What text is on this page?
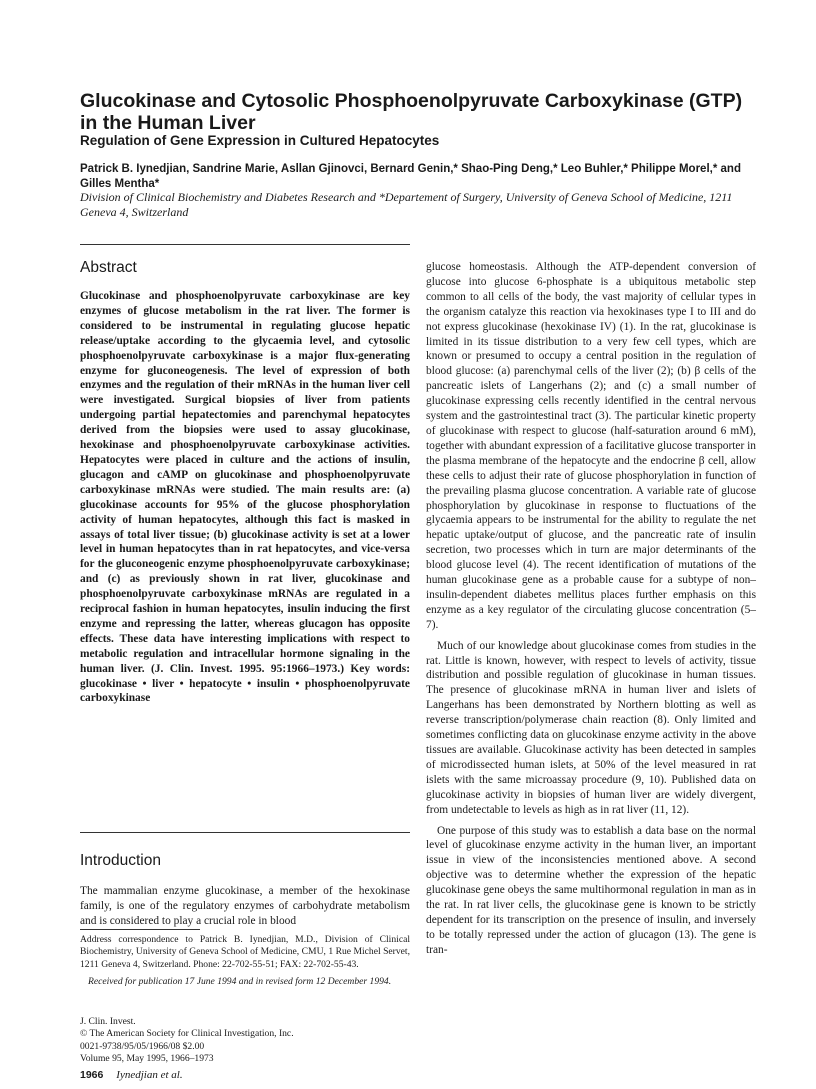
Glucokinase and Cytosolic Phosphoenolpyruvate Carboxykinase (GTP) in the Human Liver
Regulation of Gene Expression in Cultured Hepatocytes
Patrick B. Iynedjian, Sandrine Marie, Asllan Gjinovci, Bernard Genin,* Shao-Ping Deng,* Leo Buhler,* Philippe Morel,* and Gilles Mentha*
Division of Clinical Biochemistry and Diabetes Research and *Departement of Surgery, University of Geneva School of Medicine, 1211 Geneva 4, Switzerland
Abstract
Glucokinase and phosphoenolpyruvate carboxykinase are key enzymes of glucose metabolism in the rat liver. The former is considered to be instrumental in regulating glucose hepatic release/uptake according to the glycaemia level, and cytosolic phosphoenolpyruvate carboxykinase is a major flux-generating enzyme for gluconeogenesis. The level of expression of both enzymes and the regulation of their mRNAs in the human liver cell were investigated. Surgical biopsies of liver from patients undergoing partial hepatectomies and parenchymal hepatocytes derived from the biopsies were used to assay glucokinase, hexokinase and phosphoenolpyruvate carboxykinase activities. Hepatocytes were placed in culture and the actions of insulin, glucagon and cAMP on glucokinase and phosphoenolpyruvate carboxykinase mRNAs were studied. The main results are: (a) glucokinase accounts for 95% of the glucose phosphorylation activity of human hepatocytes, although this fact is masked in assays of total liver tissue; (b) glucokinase activity is set at a lower level in human hepatocytes than in rat hepatocytes, and vice-versa for the gluconeogenic enzyme phosphoenolpyruvate carboxykinase; and (c) as previously shown in rat liver, glucokinase and phosphoenolpyruvate carboxykinase mRNAs are regulated in a reciprocal fashion in human hepatocytes, insulin inducing the first enzyme and repressing the latter, whereas glucagon has opposite effects. These data have interesting implications with respect to metabolic regulation and intracellular hormone signaling in the human liver. (J. Clin. Invest. 1995. 95:1966–1973.) Key words: glucokinase • liver • hepatocyte • insulin • phosphoenolpyruvate carboxykinase
Introduction
The mammalian enzyme glucokinase, a member of the hexokinase family, is one of the regulatory enzymes of carbohydrate metabolism and is considered to play a crucial role in blood

glucose homeostasis. Although the ATP-dependent conversion of glucose into glucose 6-phosphate is a ubiquitous metabolic step common to all cells of the body, the vast majority of cellular types in the organism catalyze this reaction via hexokinases type I to III and do not express glucokinase (hexokinase IV) (1). In the rat, glucokinase is limited in its tissue distribution to a very few cell types, which are known or presumed to occupy a central position in the regulation of blood glucose: (a) parenchymal cells of the liver (2); (b) β cells of the pancreatic islets of Langerhans (2); and (c) a small number of glucokinase expressing cells recently identified in the central nervous system and the gastrointestinal tract (3). The particular kinetic property of glucokinase with respect to glucose (half-saturation around 6 mM), together with abundant expression of a facilitative glucose transporter in the plasma membrane of the hepatocyte and the endocrine β cell, allow these cells to adjust their rate of glucose phosphorylation in function of the prevailing plasma glucose concentration. A variable rate of glucose phosphorylation by glucokinase in response to fluctuations of the glycaemia appears to be instrumental for the ability to regulate the net hepatic uptake/output of glucose, and the pancreatic rate of insulin secretion, two processes which in turn are major determinants of the blood glucose level (4). The recent identification of mutations of the human glucokinase gene as a probable cause for a subtype of non–insulin-dependent diabetes mellitus places further emphasis on this enzyme as a key regulator of the circulating glucose concentration (5–7).

Much of our knowledge about glucokinase comes from studies in the rat. Little is known, however, with respect to levels of activity, tissue distribution and possible regulation of glucokinase in human tissues. The presence of glucokinase mRNA in human liver and islets of Langerhans has been demonstrated by Northern blotting as well as reverse transcription/polymerase chain reaction (8). Only limited and sometimes conflicting data on glucokinase enzyme activity in the above tissues are available. Glucokinase activity has been detected in samples of microdissected human islets, at 50% of the level measured in rat islets with the same microassay procedure (9, 10). Published data on glucokinase activity in biopsies of human liver are widely divergent, from undetectable to levels as high as in rat liver (11, 12).

One purpose of this study was to establish a data base on the normal level of glucokinase enzyme activity in the human liver, an important issue in view of the inconsistencies mentioned above. A second objective was to determine whether the expression of the hepatic glucokinase gene obeys the same multihormonal regulation in man as in the rat. In rat liver cells, the glucokinase gene is known to be strictly dependent for its transcription on the presence of insulin, and inversely to be totally repressed under the action of glucagon (13). The gene is tran-

Address correspondence to Patrick B. Iynedjian, M.D., Division of Clinical Biochemistry, University of Geneva School of Medicine, CMU, 1 Rue Michel Servet, 1211 Geneva 4, Switzerland. Phone: 22-702-55-51; FAX: 22-702-55-43.
Received for publication 17 June 1994 and in revised form 12 December 1994.
J. Clin. Invest.
© The American Society for Clinical Investigation, Inc.
0021-9738/95/05/1966/08 $2.00
Volume 95, May 1995, 1966–1973
1966 Iynedjian et al.
